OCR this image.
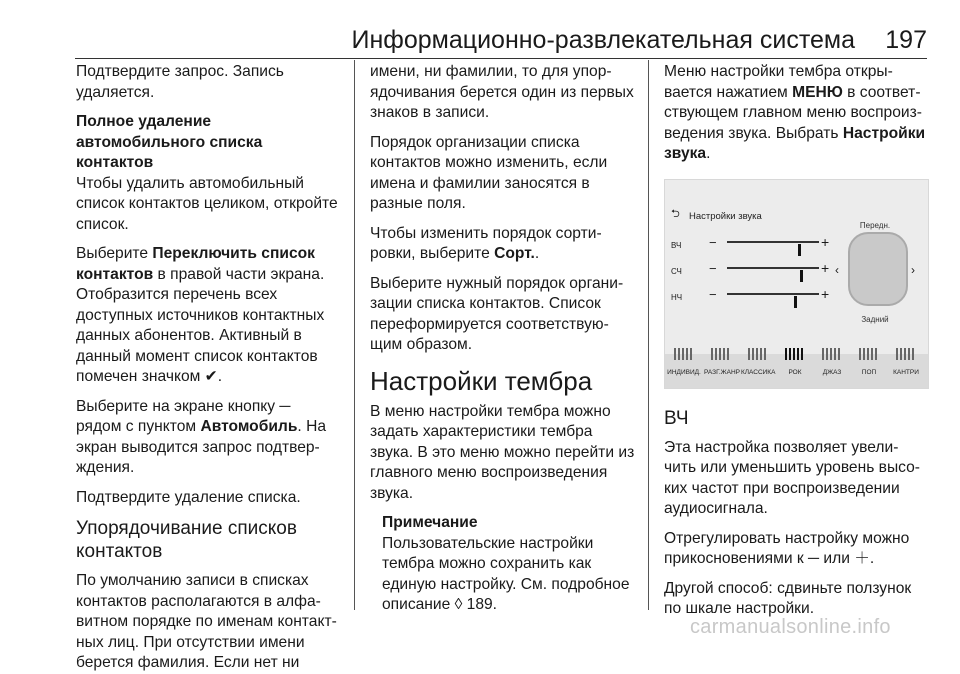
Информационно-развлекательная система 197

Подтвердите запрос. Запись удаляется.

Полное удаление автомобильного списка контактов

Чтобы удалить автомобильный список контактов целиком, откройте список.

Выберите Переключить список контактов в правой части экрана. Отобразится перечень всех доступных источников контактных данных абонентов. Активный в данный момент список контактов помечен значком ✔.

Выберите на экране кнопку ─ рядом с пунктом Автомобиль. На экран выводится запрос подтвер-ждения.

Подтвердите удаление списка.

Упорядочивание списков контактов

По умолчанию записи в списках контактов располагаются в алфа-витном порядке по именам контакт-ных лиц. При отсутствии имени берется фамилия. Если нет ни

имени, ни фамилии, то для упор-ядочивания берется один из первых знаков в записи.

Порядок организации списка контактов можно изменить, если имена и фамилии заносятся в разные поля.

Чтобы изменить порядок сорти-ровки, выберите Сорт..

Выберите нужный порядок органи-зации списка контактов. Список переформируется соответствую-щим образом.

Настройки тембра

В меню настройки тембра можно задать характеристики тембра звука. В это меню можно перейти из главного меню воспроизведения звука.

Примечание
Пользовательские настройки тембра можно сохранить как единую настройку. См. подробное описание ◊ 189.

Меню настройки тембра откры-вается нажатием МЕНЮ в соответ-ствующем главном меню воспроиз-ведения звука. Выбрать Настройки звука.

⮌ Настройки звука
Передн.
‹	›
Задний
ВЧ −	+
СЧ −	+
НЧ −	+
ИНДИВИД. РАЗГ.ЖАНР КЛАССИКА	РОК	ДЖАЗ	ПОП	КАНТРИ
ВЧ

Эта настройка позволяет увели-чить или уменьшить уровень высо-ких частот при воспроизведении аудиосигнала.

Отрегулировать настройку можно прикосновениями к ─ или ＋.

Другой способ: сдвиньте ползунок по шкале настройки.

carmanualsonline.info
